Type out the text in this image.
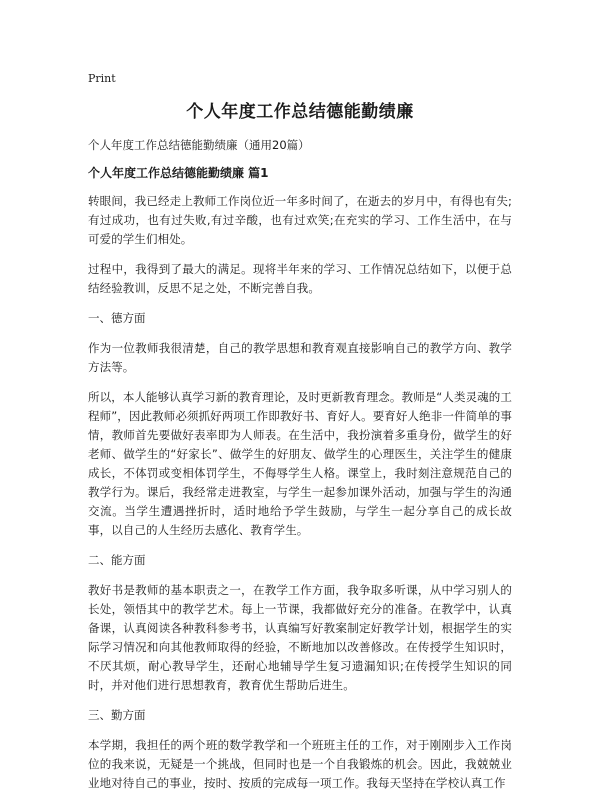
Print
个人年度工作总结德能勤绩廉
个人年度工作总结德能勤绩廉（通用20篇）
个人年度工作总结德能勤绩廉 篇1
转眼间，我已经走上教师工作岗位近一年多时间了，在逝去的岁月中，有得也有失;有过成功，也有过失败,有过辛酸，也有过欢笑;在充实的学习、工作生活中，在与可爱的学生们相处。
过程中，我得到了最大的满足。现将半年来的学习、工作情况总结如下，以便于总结经验教训，反思不足之处，不断完善自我。
一、德方面
作为一位教师我很清楚，自己的教学思想和教育观直接影响自己的教学方向、教学方法等。
所以，本人能够认真学习新的教育理论，及时更新教育理念。教师是“人类灵魂的工程师”，因此教师必须抓好两项工作即教好书、育好人。要育好人绝非一件简单的事情，教师首先要做好表率即为人师表。在生活中，我扮演着多重身份，做学生的好老师、做学生的“好家长”、做学生的好朋友、做学生的心理医生，关注学生的健康成长，不体罚或变相体罚学生，不侮辱学生人格。课堂上，我时刻注意规范自己的教学行为。课后，我经常走进教室，与学生一起参加课外活动，加强与学生的沟通交流。当学生遭遇挫折时，适时地给予学生鼓励，与学生一起分享自己的成长故事，以自己的人生经历去感化、教育学生。
二、能方面
教好书是教师的基本职责之一，在教学工作方面，我争取多听课，从中学习别人的长处，领悟其中的教学艺术。每上一节课，我都做好充分的准备。在教学中，认真备课，认真阅读各种教科参考书，认真编写好教案制定好教学计划，根据学生的实际学习情况和向其他教师取得的经验，不断地加以改善修改。在传授学生知识时，不厌其烦，耐心教导学生，还耐心地辅导学生复习遗漏知识;在传授学生知识的同时，并对他们进行思想教育，教育优生帮助后进生。
三、勤方面
本学期，我担任的两个班的数学教学和一个班班主任的工作，对于刚刚步入工作岗位的我来说，无疑是一个挑战，但同时也是一个自我锻炼的机会。因此，我兢兢业业地对待自己的事业，按时、按质的完成每一项工作。我每天坚持在学校认真工作
